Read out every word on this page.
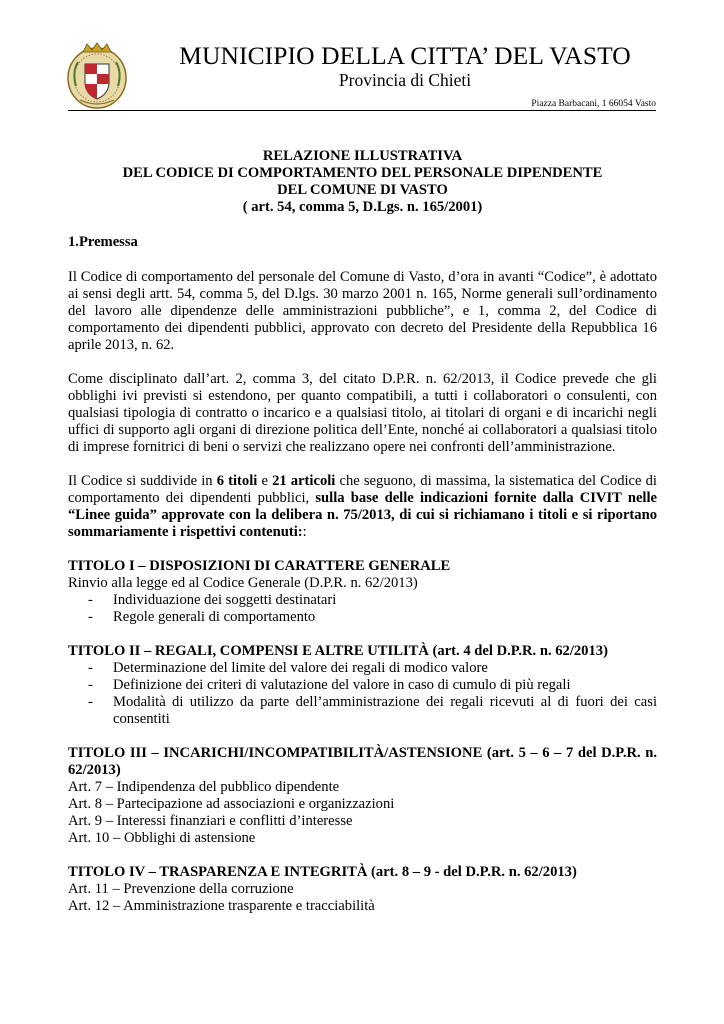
MUNICIPIO DELLA CITTA’ DEL VASTO
Provincia di Chieti
Piazza Barbacani, 1 66054 Vasto
RELAZIONE ILLUSTRATIVA
DEL CODICE DI COMPORTAMENTO DEL PERSONALE DIPENDENTE
DEL COMUNE DI VASTO
( art. 54, comma 5, D.Lgs. n. 165/2001)

1.Premessa

Il Codice di comportamento del personale del Comune di Vasto, d’ora in avanti “Codice”, è adottato ai sensi degli artt. 54, comma 5, del D.lgs. 30 marzo 2001 n. 165, Norme generali sull’ordinamento del lavoro alle dipendenze delle amministrazioni pubbliche”, e 1, comma 2, del Codice di comportamento dei dipendenti pubblici, approvato con decreto del Presidente della Repubblica 16 aprile 2013, n. 62.

Come disciplinato dall’art. 2, comma 3, del citato D.P.R. n. 62/2013, il Codice prevede che gli obblighi ivi previsti si estendono, per quanto compatibili, a tutti i collaboratori o consulenti, con qualsiasi tipologia di contratto o incarico e a qualsiasi titolo, ai titolari di organi e di incarichi negli uffici di supporto agli organi di direzione politica dell’Ente, nonché ai collaboratori a qualsiasi titolo di imprese fornitrici di beni o servizi che realizzano opere nei confronti dell’amministrazione.

Il Codice si suddivide in 6 titoli e 21 articoli che seguono, di massima, la sistematica del Codice di comportamento dei dipendenti pubblici, sulla base delle indicazioni fornite dalla CIVIT nelle “Linee guida” approvate con la delibera n. 75/2013, di cui si richiamano i titoli e si riportano sommariamente i rispettivi contenuti::

TITOLO I – DISPOSIZIONI DI CARATTERE GENERALE

Rinvio alla legge ed al Codice Generale (D.P.R. n. 62/2013)

- Individuazione dei soggetti destinatari
- Regole generali di comportamento

TITOLO II – REGALI, COMPENSI E ALTRE UTILITÀ (art. 4 del D.P.R. n. 62/2013)

- Determinazione del limite del valore dei regali di modico valore
- Definizione dei criteri di valutazione del valore in caso di cumulo di più regali
- Modalità di utilizzo da parte dell’amministrazione dei regali ricevuti al di fuori dei casi consentiti

TITOLO III – INCARICHI/INCOMPATIBILITÀ/ASTENSIONE (art. 5 – 6 – 7 del D.P.R. n. 62/2013)

Art. 7 – Indipendenza del pubblico dipendente

Art. 8 – Partecipazione ad associazioni e organizzazioni

Art. 9 – Interessi finanziari e conflitti d’interesse

Art. 10 – Obblighi di astensione

TITOLO IV – TRASPARENZA E INTEGRITÀ (art. 8 – 9 - del D.P.R. n. 62/2013)

Art. 11 – Prevenzione della corruzione

Art. 12 – Amministrazione trasparente e tracciabilità
